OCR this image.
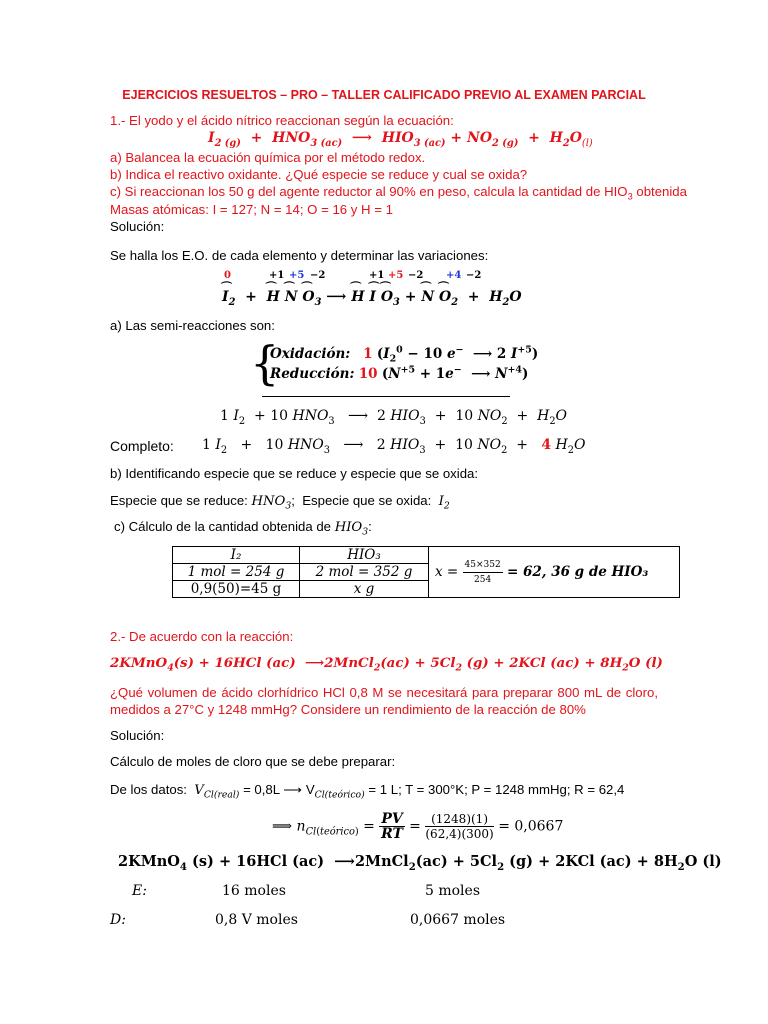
EJERCICIOS RESUELTOS – PRO – TALLER CALIFICADO PREVIO AL EXAMEN PARCIAL
1.- El yodo y el ácido nítrico reaccionan según la ecuación:
$I_{2 (g)} + HNO_{3 (ac)}$  ⟶  $HIO_{3 (ac)} + NO_{2 (g)} + H_2O_{(l)}$
a) Balancea la ecuación química por el método redox.
b) Indica el reactivo oxidante. ¿Qué especie se reduce y cual se oxida?
c) Si reaccionan los 50 g del agente reductor al 90% en peso, calcula la cantidad de $HIO_3$ obtenida
Masas atómicas: I = 127; N = 14; O = 16 y H = 1
Solución:
Se halla los E.O. de cada elemento y determinar las variaciones:
0	+1 +5 −2	+1 +5 −2 +4 −2
⌒ $I_2$  +  ⌒ H ⌒ N ⌒ $O_3$ ⟶ ⌒ H ⌒ I ⌒ $O_3$ + ⌒ N ⌒ $O_2 + H_2O$
a) Las semi-reacciones son:
{
Oxidación: 1 ($I_2^0 - 10$ e−  ⟶ 2 $I^{+5}$)
Reducción: 10 ($N^{+5} + 1e^-$  ⟶ $N^{+4}$)
1 $I_2 + 10$ $HNO_3$   ⟶  2 $HIO_3 + 10$ $NO_2 + H_2O$
Completo: 1 $I_2 + 10$ $HNO_3$   ⟶   2 $HIO_3 + 10$ $NO_2 + 4$ $H_2O$
b) Identificando especie que se reduce y especie que se oxida:
Especie que se reduce: $HNO_3$;  Especie que se oxida: $I_2$
c) Cálculo de la cantidad obtenida de $HIO_3$:
I₂	HIO₃	$x = \frac{45\times 352}{254} = 62$, 36 g de HIO₃
1 mol = 254 g	2 mol = 352 g	
0,9(50)=45 g	x g	
2.- De acuerdo con la reacción:
2KMnO$_4$(s) + 16HCl (ac)  ⟶2MnCl$_2$(ac) + $5Cl_2$ (g) + 2KCl $(ac) + 8H_2O$ (l)
¿Qué volumen de ácido clorhídrico HCl 0,8 M se necesitará para preparar 800 mL de cloro, medidos a 27°C y 1248 mmHg? Considere un rendimiento de la reacción de 80%
Solución:
Cálculo de moles de cloro que se debe preparar:
De los datos: $V_{Cl(real)} = 0,8L$ ⟶ $V_{Cl(teórico)} = 1$ L; T = 300°K; P = 1248 mmHg; R = 62,4
⟹ $n_{Cl(teórico)} = \frac{PV}{RT} = \frac{(1248)(1)}{(62,4)(300)} = 0,0667$
2KMnO$_4$ (s) + 16HCl (ac)  ⟶2MnCl$_2$(ac) + $5Cl_2$ (g) + 2KCl $(ac) + 8H_2O$ (l)
E:	16 moles	5 moles
D:	0,8 V moles	0,0667 moles
